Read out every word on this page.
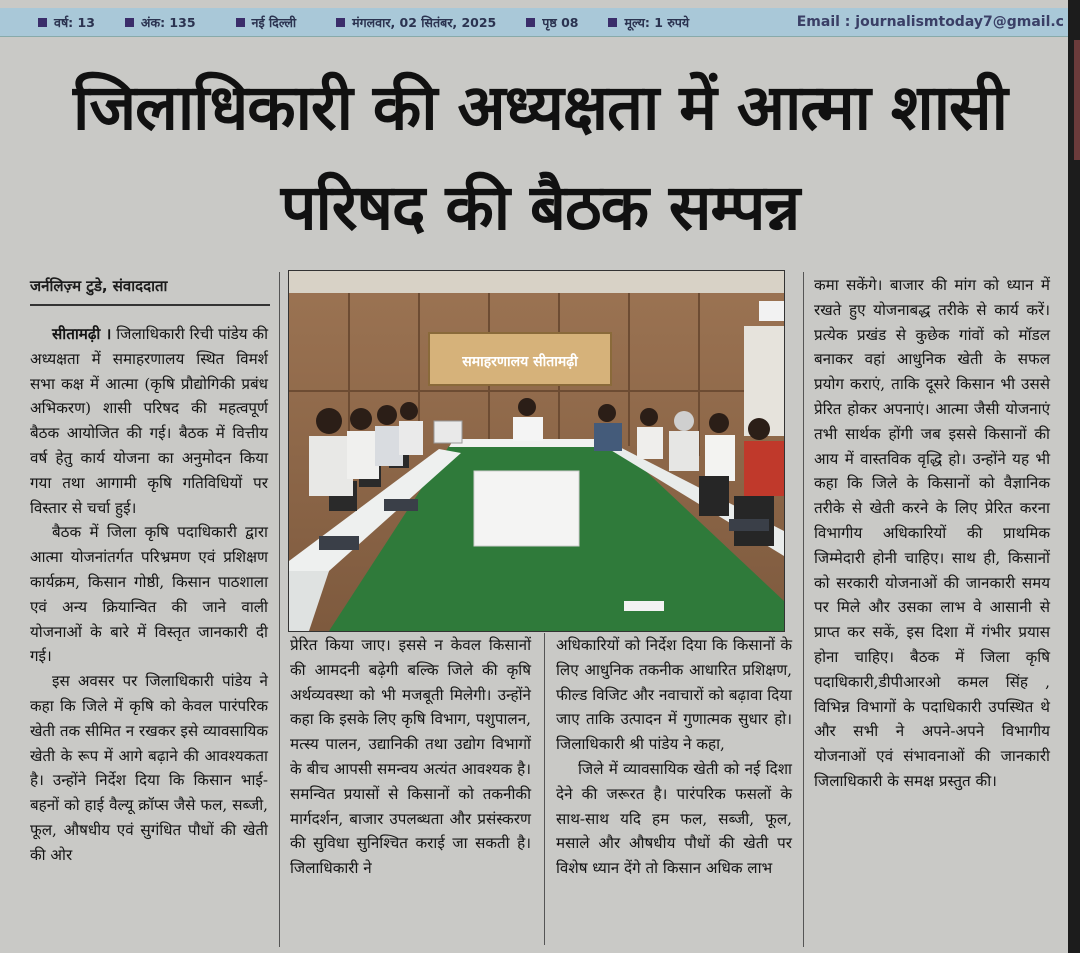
वर्ष: 13	अंक: 135	नई दिल्ली	मंगलवार, 02 सितंबर, 2025	पृष्ठ 08	मूल्य: 1 रुपये	Email : journalismtoday7@gmail.c
जिलाधिकारी की अध्यक्षता में आत्मा शासी परिषद की बैठक सम्पन्न
जर्नलिज़्म टुडे, संवाददाता
समाहरणालय सीतामढ़ी

सीतामढ़ी । जिलाधिकारी रिची पांडेय की अध्यक्षता में समाहरणालय स्थित विमर्श सभा कक्ष में आत्मा (कृषि प्रौद्योगिकी प्रबंध अभिकरण) शासी परिषद की महत्वपूर्ण बैठक आयोजित की गई। बैठक में वित्तीय वर्ष हेतु कार्य योजना का अनुमोदन किया गया तथा आगामी कृषि गतिविधियों पर विस्तार से चर्चा हुई।

बैठक में जिला कृषि पदाधिकारी द्वारा आत्मा योजनांतर्गत परिभ्रमण एवं प्रशिक्षण कार्यक्रम, किसान गोष्ठी, किसान पाठशाला एवं अन्य क्रियान्वित की जाने वाली योजनाओं के बारे में विस्तृत जानकारी दी गई।

इस अवसर पर जिलाधिकारी पांडेय ने कहा कि जिले में कृषि को केवल पारंपरिक खेती तक सीमित न रखकर इसे व्यावसायिक खेती के रूप में आगे बढ़ाने की आवश्यकता है। उन्होंने निर्देश दिया कि किसान भाई-बहनों को हाई वैल्यू क्रॉप्स जैसे फल, सब्जी, फूल, औषधीय एवं सुगंधित पौधों की खेती की ओर

प्रेरित किया जाए। इससे न केवल किसानों की आमदनी बढ़ेगी बल्कि जिले की कृषि अर्थव्यवस्था को भी मजबूती मिलेगी। उन्होंने कहा कि इसके लिए कृषि विभाग, पशुपालन, मत्स्य पालन, उद्यानिकी तथा उद्योग विभागों के बीच आपसी समन्वय अत्यंत आवश्यक है। समन्वित प्रयासों से किसानों को तकनीकी मार्गदर्शन, बाजार उपलब्धता और प्रसंस्करण की सुविधा सुनिश्चित कराई जा सकती है। जिलाधिकारी ने

अधिकारियों को निर्देश दिया कि किसानों के लिए आधुनिक तकनीक आधारित प्रशिक्षण, फील्ड विजिट और नवाचारों को बढ़ावा दिया जाए ताकि उत्पादन में गुणात्मक सुधार हो। जिलाधिकारी श्री पांडेय ने कहा,

जिले में व्यावसायिक खेती को नई दिशा देने की जरूरत है। पारंपरिक फसलों के साथ-साथ यदि हम फल, सब्जी, फूल, मसाले और औषधीय पौधों की खेती पर विशेष ध्यान देंगे तो किसान अधिक लाभ

कमा सकेंगे। बाजार की मांग को ध्यान में रखते हुए योजनाबद्ध तरीके से कार्य करें। प्रत्येक प्रखंड से कुछेक गांवों को मॉडल बनाकर वहां आधुनिक खेती के सफल प्रयोग कराएं, ताकि दूसरे किसान भी उससे प्रेरित होकर अपनाएं। आत्मा जैसी योजनाएं तभी सार्थक होंगी जब इससे किसानों की आय में वास्तविक वृद्धि हो। उन्होंने यह भी कहा कि जिले के किसानों को वैज्ञानिक तरीके से खेती करने के लिए प्रेरित करना विभागीय अधिकारियों की प्राथमिक जिम्मेदारी होनी चाहिए। साथ ही, किसानों को सरकारी योजनाओं की जानकारी समय पर मिले और उसका लाभ वे आसानी से प्राप्त कर सकें, इस दिशा में गंभीर प्रयास होना चाहिए। बैठक में जिला कृषि पदाधिकारी,डीपीआरओ कमल सिंह , विभिन्न विभागों के पदाधिकारी उपस्थित थे और सभी ने अपने-अपने विभागीय योजनाओं एवं संभावनाओं की जानकारी जिलाधिकारी के समक्ष प्रस्तुत की।
